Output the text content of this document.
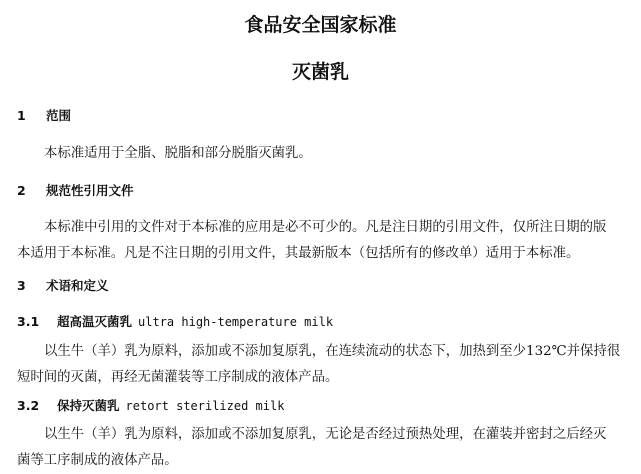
食品安全国家标准
灭菌乳
1 范围
本标准适用于全脂、脱脂和部分脱脂灭菌乳。
2 规范性引用文件
本标准中引用的文件对于本标准的应用是必不可少的。凡是注日期的引用文件，仅所注日期的版
本适用于本标准。凡是不注日期的引用文件，其最新版本（包括所有的修改单）适用于本标准。
3 术语和定义
3.1 超高温灭菌乳 ultra high-temperature milk
以生牛（羊）乳为原料，添加或不添加复原乳，在连续流动的状态下，加热到至少132℃并保持很
短时间的灭菌，再经无菌灌装等工序制成的液体产品。
3.2 保持灭菌乳 retort sterilized milk
以生牛（羊）乳为原料，添加或不添加复原乳，无论是否经过预热处理，在灌装并密封之后经灭
菌等工序制成的液体产品。
